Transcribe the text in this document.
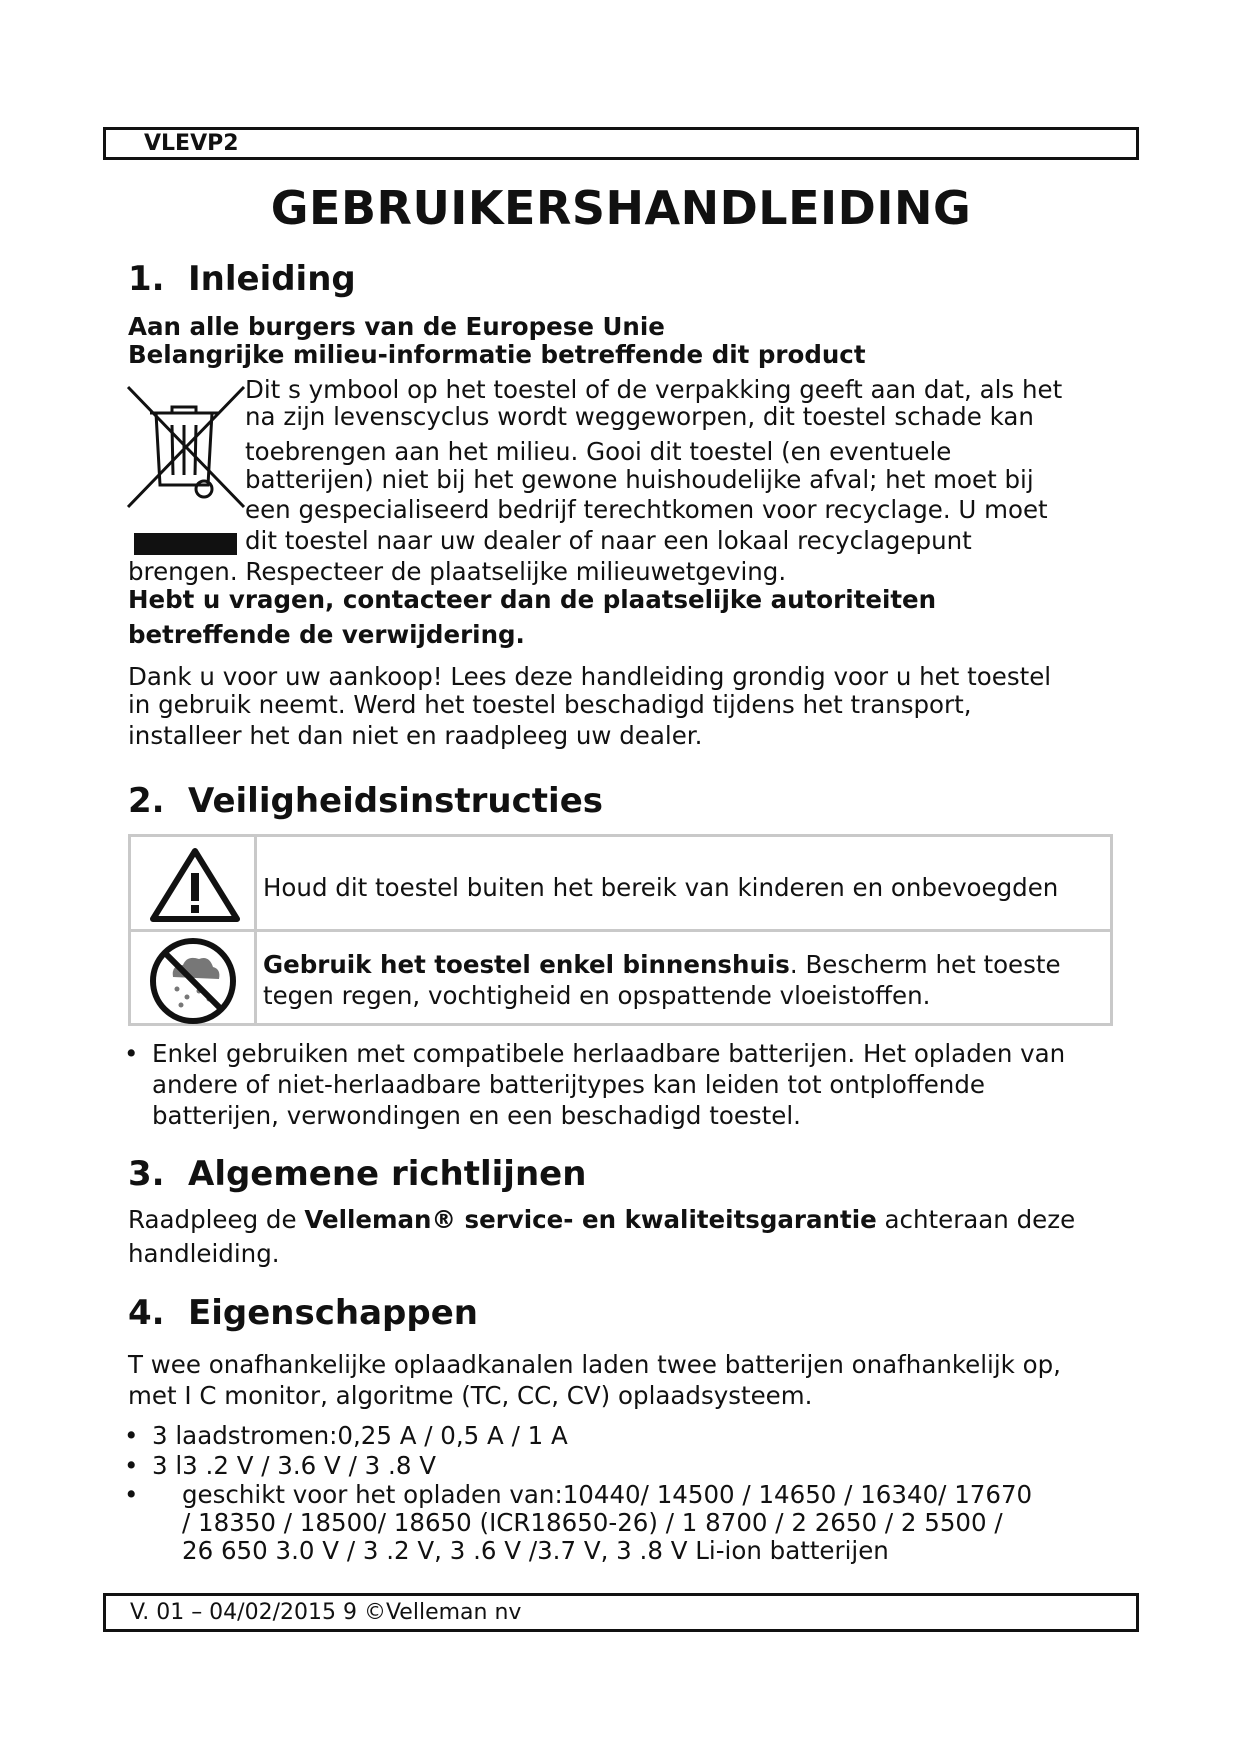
VLEVP2
GEBRUIKERSHANDLEIDING
1. Inleiding
Aan alle burgers van de Europese Unie
Belangrijke milieu-informatie betreffende dit product
Dit s ymbool op het toestel of de verpakking geeft aan dat, als het
na zijn levenscyclus wordt weggeworpen, dit toestel schade kan
toebrengen aan het milieu. Gooi dit toestel (en eventuele
batterijen) niet bij het gewone huishoudelijke afval; het moet bij
een gespecialiseerd bedrijf terechtkomen voor recyclage. U moet
dit toestel naar uw dealer of naar een lokaal recyclagepunt
brengen. Respecteer de plaatselijke milieuwetgeving.
Hebt u vragen, contacteer dan de plaatselijke autoriteiten
betreffende de verwijdering.
Dank u voor uw aankoop! Lees deze handleiding grondig voor u het toestel
in gebruik neemt. Werd het toestel beschadigd tijdens het transport,
installeer het dan niet en raadpleeg uw dealer.
2. Veiligheidsinstructies
Houd dit toestel buiten het bereik van kinderen en onbevoegden
Gebruik het toestel enkel binnenshuis. Bescherm het toeste
tegen regen, vochtigheid en opspattende vloeistoffen.
• Enkel gebruiken met compatibele herlaadbare batterijen. Het opladen van
andere of niet-herlaadbare batterijtypes kan leiden tot ontploffende
batterijen, verwondingen en een beschadigd toestel.
3. Algemene richtlijnen
Raadpleeg de Velleman® service- en kwaliteitsgarantie achteraan deze
handleiding.
4. Eigenschappen
T wee onafhankelijke oplaadkanalen laden twee batterijen onafhankelijk op,
met I C monitor, algoritme (TC, CC, CV) oplaadsysteem.
• 3 laadstromen:0,25 A / 0,5 A / 1 A
• 3 l3 .2 V / 3.6 V / 3 .8 V
• geschikt voor het opladen van:10440/ 14500 / 14650 / 16340/ 17670
/ 18350 / 18500/ 18650 (ICR18650-26) / 1 8700 / 2 2650 / 2 5500 /
26 650 3.0 V / 3 .2 V, 3 .6 V /3.7 V, 3 .8 V Li-ion batterijen
V. 01 – 04/02/2015 9 ©Velleman nv
